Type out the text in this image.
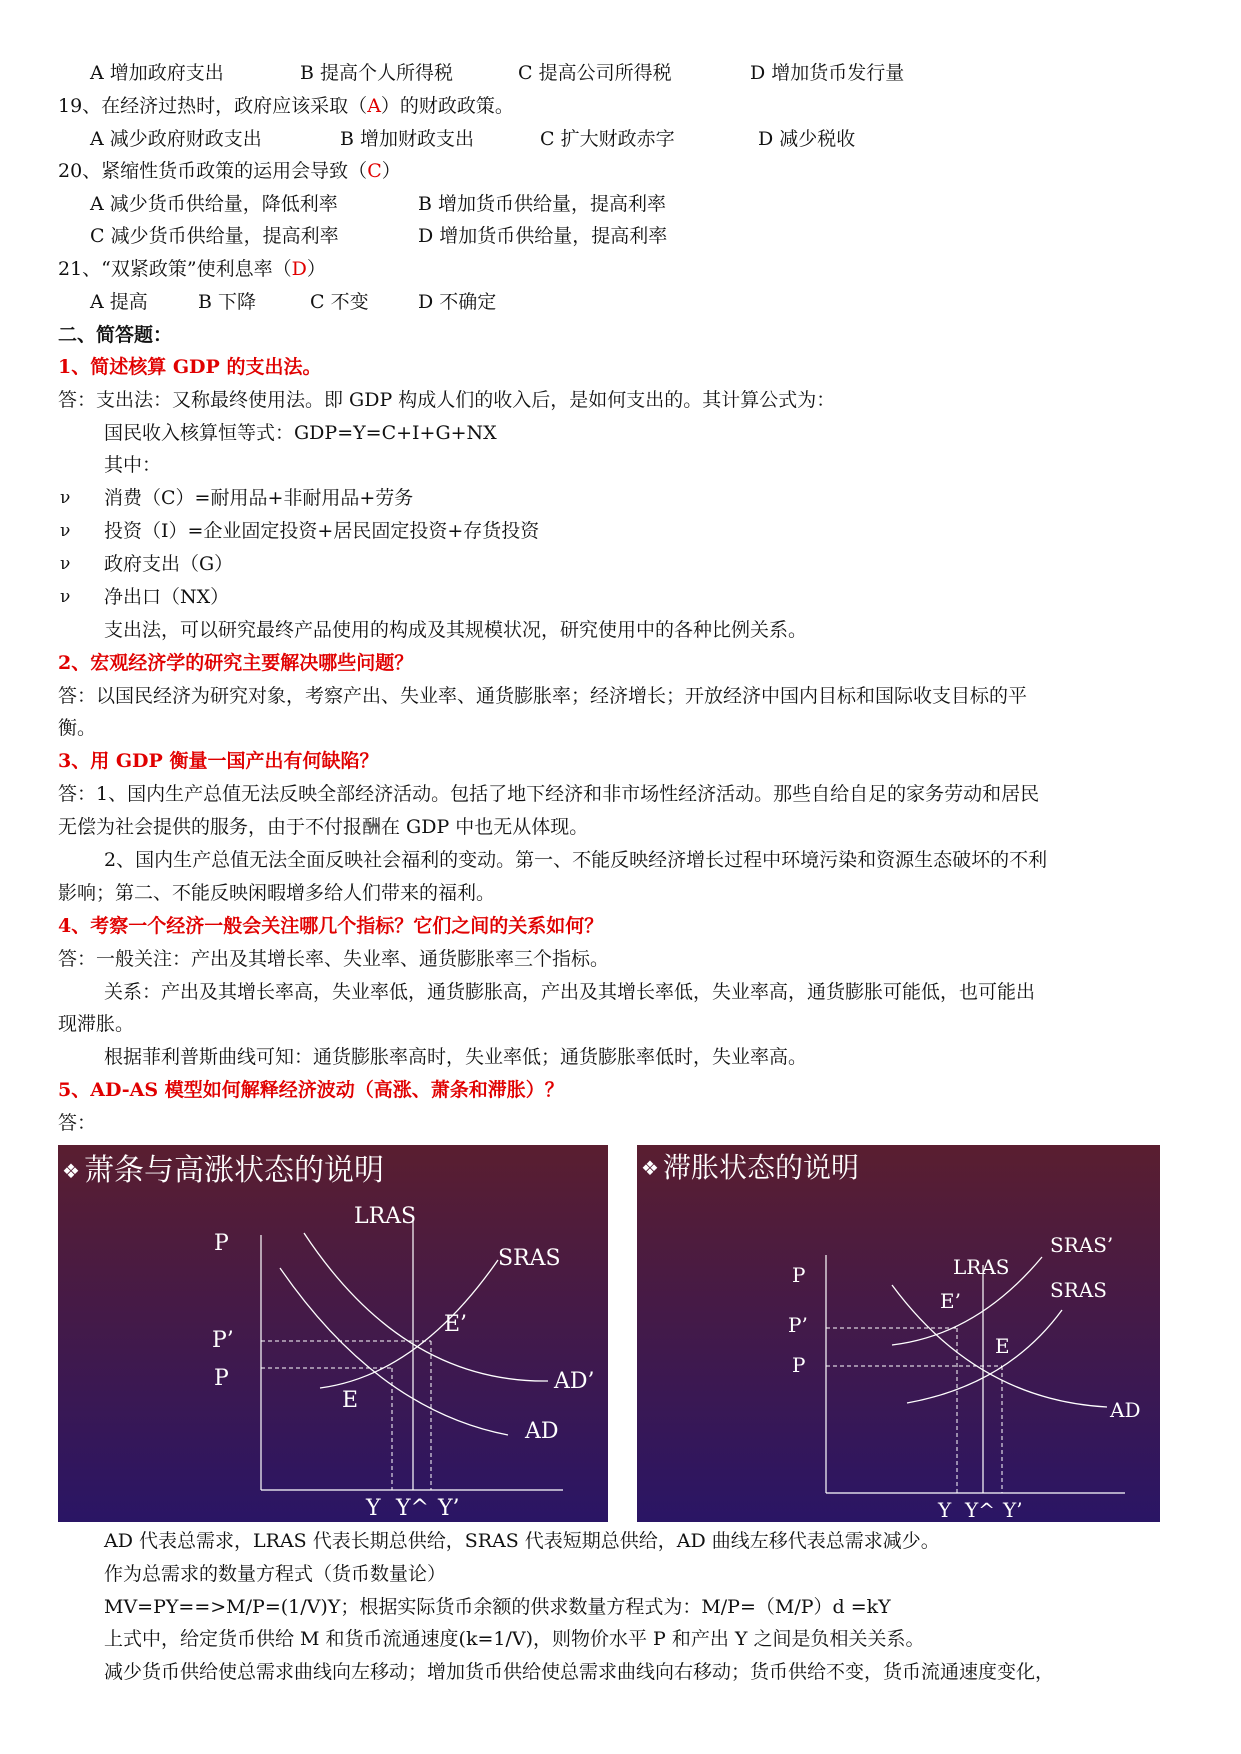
A 增加政府支出	B 提高个人所得税	C 提高公司所得税	D 增加货币发行量
19、在经济过热时，政府应该采取（A）的财政政策。
A 减少政府财政支出	B 增加财政支出	C 扩大财政赤字	D 减少税收
20、紧缩性货币政策的运用会导致（C）
A 减少货币供给量，降低利率	B 增加货币供给量，提高利率
C 减少货币供给量，提高利率	D 增加货币供给量，提高利率
21、“双紧政策”使利息率（D）
A 提高	B 下降	C 不变	D 不确定
二、简答题：
1、简述核算 GDP 的支出法。
答：支出法：又称最终使用法。即 GDP 构成人们的收入后，是如何支出的。其计算公式为：
国民收入核算恒等式：GDP=Y=C+I+G+NX
其中：
ν 消费（C）=耐用品+非耐用品+劳务
ν 投资（I）=企业固定投资+居民固定投资+存货投资
ν 政府支出（G）
ν 净出口（NX）
支出法，可以研究最终产品使用的构成及其规模状况，研究使用中的各种比例关系。
2、宏观经济学的研究主要解决哪些问题？
答：以国民经济为研究对象，考察产出、失业率、通货膨胀率；经济增长；开放经济中国内目标和国际收支目标的平
衡。
3、用 GDP 衡量一国产出有何缺陷？
答：1、国内生产总值无法反映全部经济活动。包括了地下经济和非市场性经济活动。那些自给自足的家务劳动和居民
无偿为社会提供的服务，由于不付报酬在 GDP 中也无从体现。
2、国内生产总值无法全面反映社会福利的变动。第一、不能反映经济增长过程中环境污染和资源生态破坏的不利
影响；第二、不能反映闲暇增多给人们带来的福利。
4、考察一个经济一般会关注哪几个指标？它们之间的关系如何？
答：一般关注：产出及其增长率、失业率、通货膨胀率三个指标。
关系：产出及其增长率高，失业率低，通货膨胀高，产出及其增长率低，失业率高，通货膨胀可能低，也可能出
现滞胀。
根据菲利普斯曲线可知：通货膨胀率高时，失业率低；通货膨胀率低时，失业率高。
5、AD-AS 模型如何解释经济波动（高涨、萧条和滞胀）？
答：
❖ 萧条与高涨状态的说明
LRAS
SRAS
P
P’
P
E’
E
AD’
AD
Y Y^ Y’
❖ 滞胀状态的说明
LRAS
SRAS’
SRAS
P
P’
P
E’
E
AD
Y Y^ Y’
AD 代表总需求，LRAS 代表长期总供给，SRAS 代表短期总供给，AD 曲线左移代表总需求减少。
作为总需求的数量方程式（货币数量论）
MV=PY==>M/P=(1/V)Y；根据实际货币余额的供求数量方程式为：M/P=（M/P）d =kY
上式中，给定货币供给 M 和货币流通速度(k=1/V)，则物价水平 P 和产出 Y 之间是负相关关系。
减少货币供给使总需求曲线向左移动；增加货币供给使总需求曲线向右移动；货币供给不变，货币流通速度变化，
